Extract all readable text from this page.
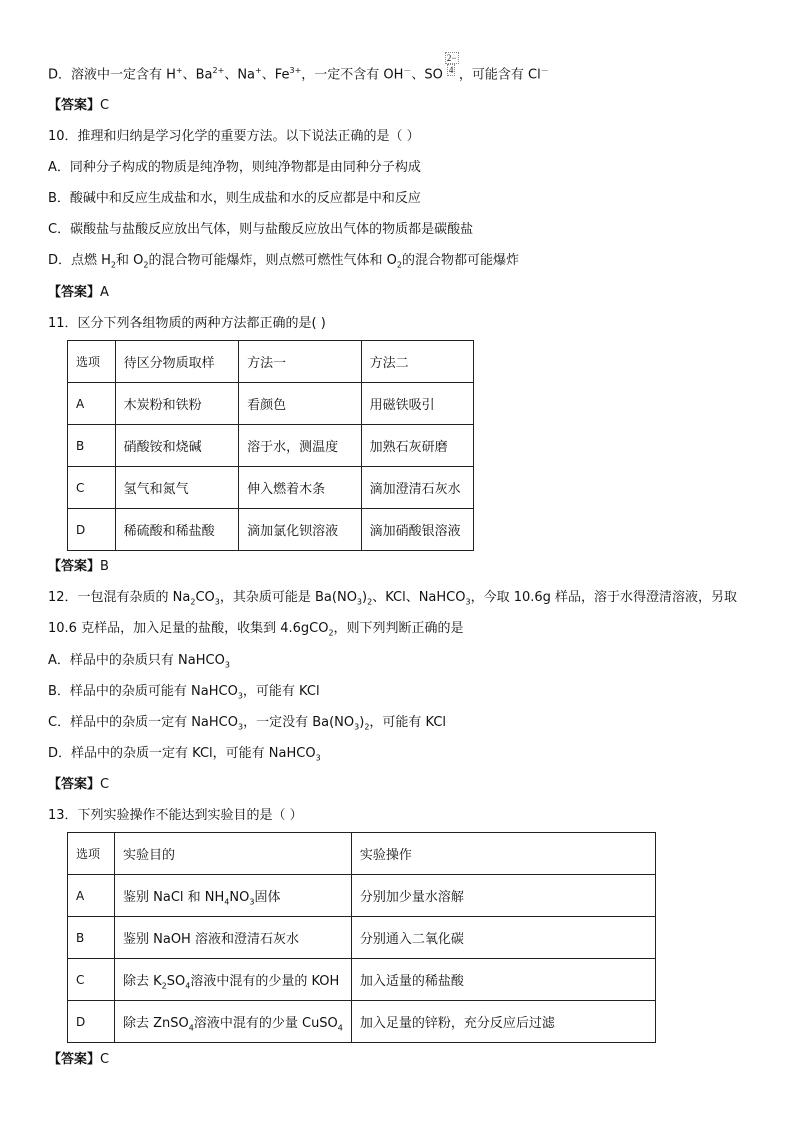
D．溶液中一定含有 H+、$Ba^{2+}$、Na+、$Fe^{3+}$，一定不含有 OH－、SO $\frac{2-}{4}$ ，可能含有 Cl－
【答案】C
10．推理和归纳是学习化学的重要方法。以下说法正确的是（ ）
A．同种分子构成的物质是纯净物，则纯净物都是由同种分子构成
B．酸碱中和反应生成盐和水，则生成盐和水的反应都是中和反应
C．碳酸盐与盐酸反应放出气体，则与盐酸反应放出气体的物质都是碳酸盐
D．点燃 $H_2$和 $O_2$的混合物可能爆炸，则点燃可燃性气体和 $O_2$的混合物都可能爆炸
【答案】A
11．区分下列各组物质的两种方法都正确的是( )
选项	待区分物质取样	方法一	方法二
A	木炭粉和铁粉	看颜色	用磁铁吸引
B	硝酸铵和烧碱	溶于水，测温度	加熟石灰研磨
C	氢气和氮气	伸入燃着木条	滴加澄清石灰水
D	稀硫酸和稀盐酸	滴加氯化钡溶液	滴加硝酸银溶液
【答案】B
12．一包混有杂质的 $Na_2CO_3$，其杂质可能是 $Ba(NO_3)_2$、KCl、NaHCO$_3$，今取 10.6g 样品，溶于水得澄清溶液，另取
10.6 克样品，加入足量的盐酸，收集到 4.6gCO$_2$，则下列判断正确的是
A．样品中的杂质只有 NaHCO$_3$
B．样品中的杂质可能有 NaHCO$_3$，可能有 KCl
C．样品中的杂质一定有 NaHCO$_3$，一定没有 $Ba(NO_3)_2$，可能有 KCl
D．样品中的杂质一定有 KCl，可能有 NaHCO$_3$
【答案】C
13．下列实验操作不能达到实验目的是（ ）
选项	实验目的	实验操作
A	鉴别 NaCl 和 $NH_4NO_3$固体	分别加少量水溶解
B	鉴别 NaOH 溶液和澄清石灰水	分别通入二氧化碳
C	除去 $K_2SO_4$溶液中混有的少量的 KOH	加入适量的稀盐酸
D	除去 ZnSO$_4$溶液中混有的少量 CuSO$_4$	加入足量的锌粉，充分反应后过滤
【答案】C
